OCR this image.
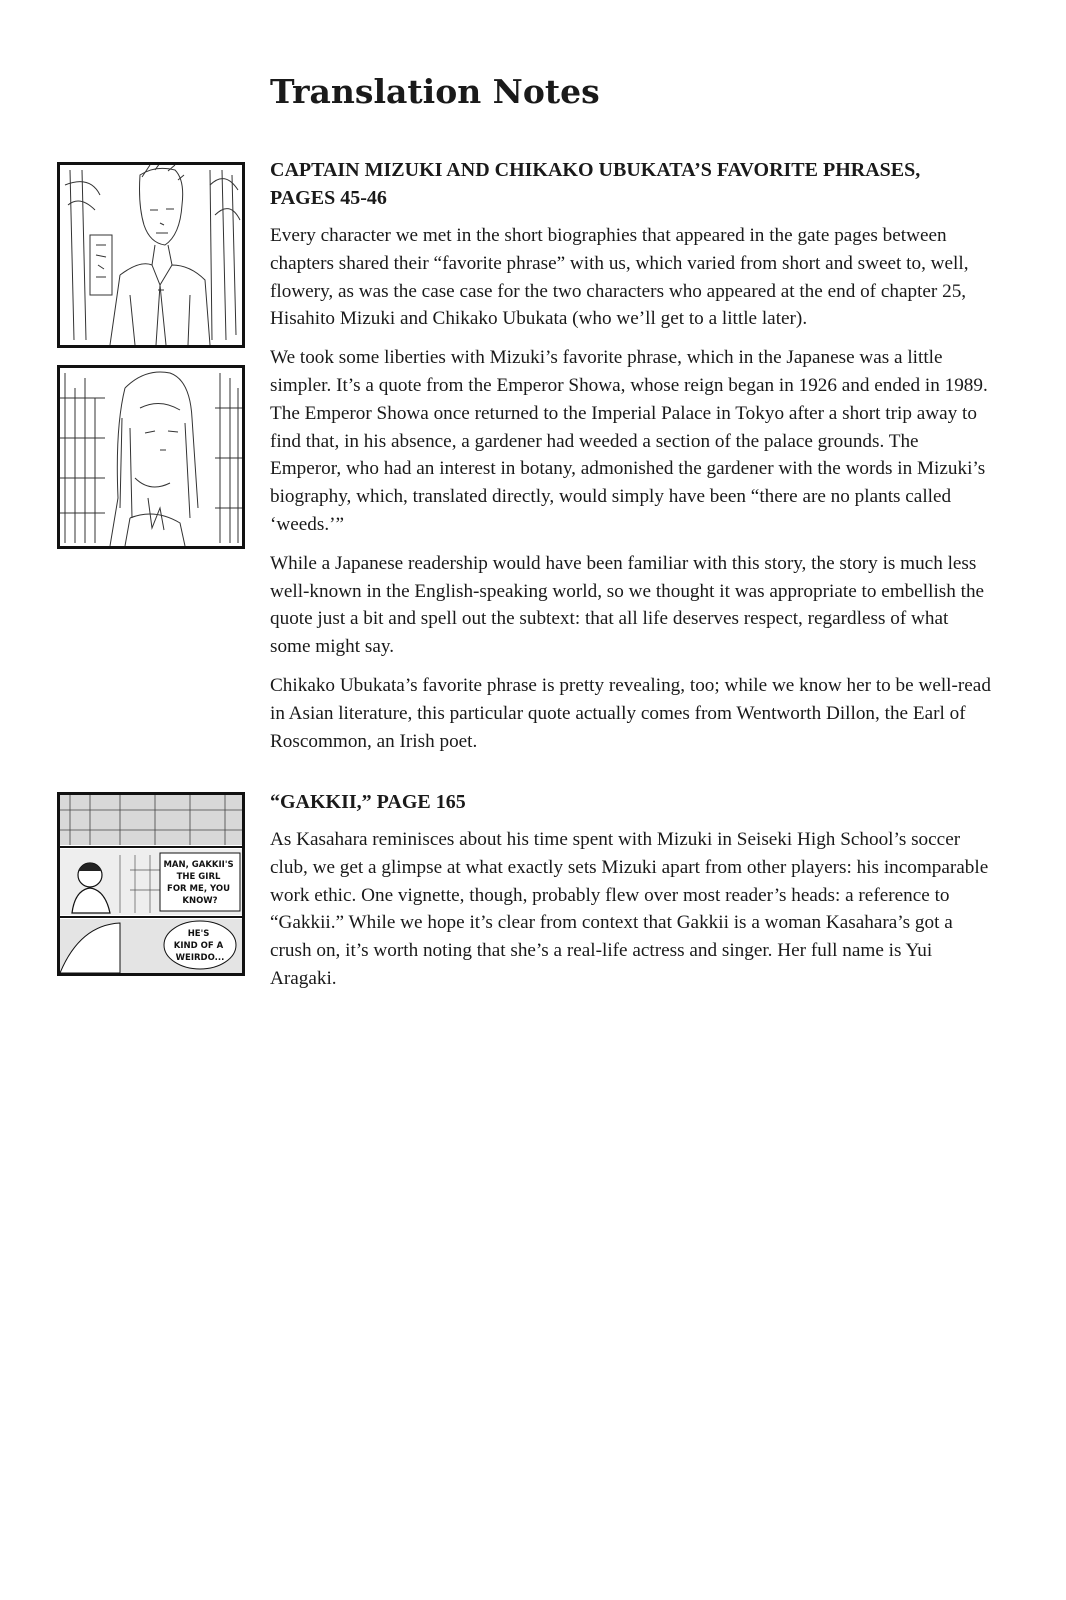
Translation Notes
MAN, GAKKII'S THE GIRL FOR ME, YOU KNOW?
HE'S KIND OF A WEIRDO...
CAPTAIN MIZUKI AND CHIKAKO UBUKATA’S FAVORITE PHRASES,
PAGES 45-46

Every character we met in the short biographies that appeared in the gate pages between chapters shared their “favorite phrase” with us, which varied from short and sweet to, well, flowery, as was the case case for the two characters who appeared at the end of chapter 25, Hisahito Mizuki and Chikako Ubukata (who we’ll get to a little later).

We took some liberties with Mizuki’s favorite phrase, which in the Japanese was a little simpler. It’s a quote from the Emperor Showa, whose reign began in 1926 and ended in 1989. The Emperor Showa once returned to the Imperial Palace in Tokyo after a short trip away to find that, in his absence, a gardener had weeded a section of the palace grounds. The Emperor, who had an interest in botany, admonished the gardener with the words in Mizuki’s biography, which, translated directly, would simply have been “there are no plants called ‘weeds.’”

While a Japanese readership would have been familiar with this story, the story is much less well-known in the English-speaking world, so we thought it was appropriate to embellish the quote just a bit and spell out the subtext: that all life deserves respect, regardless of what some might say.

Chikako Ubukata’s favorite phrase is pretty revealing, too; while we know her to be well-read in Asian literature, this particular quote actually comes from Wentworth Dillon, the Earl of Roscommon, an Irish poet.

“GAKKII,” PAGE 165

As Kasahara reminisces about his time spent with Mizuki in Seiseki High School’s soccer club, we get a glimpse at what exactly sets Mizuki apart from other players: his incomparable work ethic. One vignette, though, probably flew over most reader’s heads: a reference to “Gakkii.” While we hope it’s clear from context that Gakkii is a woman Kasahara’s got a crush on, it’s worth noting that she’s a real-life actress and singer. Her full name is Yui Aragaki.
